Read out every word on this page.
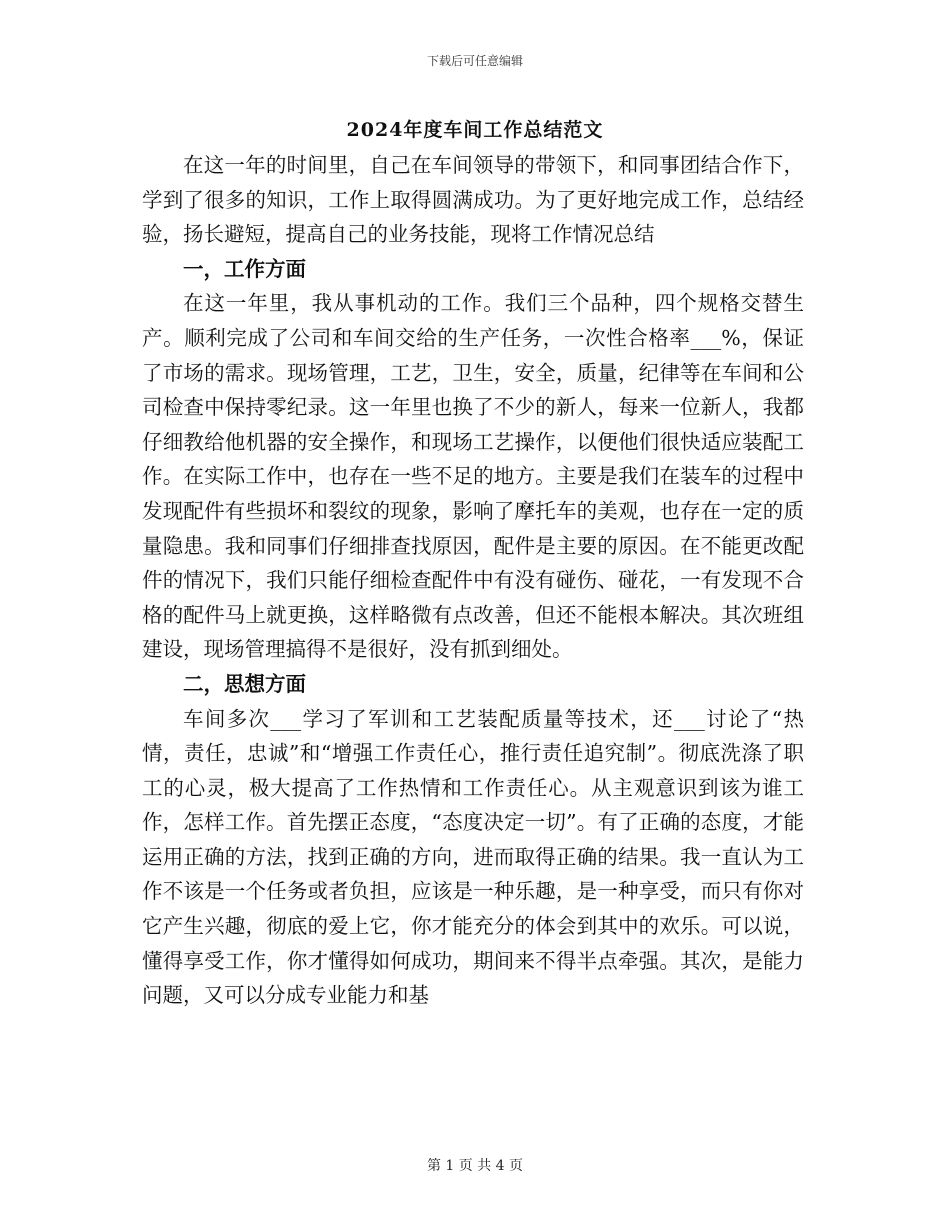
下载后可任意编辑
2024年度车间工作总结范文

在这一年的时间里，自己在车间领导的带领下，和同事团结合作下，学到了很多的知识，工作上取得圆满成功。为了更好地完成工作，总结经验，扬长避短，提高自己的业务技能，现将工作情况总结

一，工作方面

在这一年里，我从事机动的工作。我们三个品种，四个规格交替生产。顺利完成了公司和车间交给的生产任务，一次性合格率___%，保证了市场的需求。现场管理，工艺，卫生，安全，质量，纪律等在车间和公司检查中保持零纪录。这一年里也换了不少的新人，每来一位新人，我都仔细教给他机器的安全操作，和现场工艺操作，以便他们很快适应装配工作。在实际工作中，也存在一些不足的地方。主要是我们在装车的过程中发现配件有些损坏和裂纹的现象，影响了摩托车的美观，也存在一定的质量隐患。我和同事们仔细排查找原因，配件是主要的原因。在不能更改配件的情况下，我们只能仔细检查配件中有没有碰伤、碰花，一有发现不合格的配件马上就更换，这样略微有点改善，但还不能根本解决。其次班组建设，现场管理搞得不是很好，没有抓到细处。

二，思想方面

车间多次___学习了军训和工艺装配质量等技术，还___讨论了“热情，责任，忠诚”和“增强工作责任心，推行责任追究制”。彻底洗涤了职工的心灵，极大提高了工作热情和工作责任心。从主观意识到该为谁工作，怎样工作。首先摆正态度，“态度决定一切”。有了正确的态度，才能运用正确的方法，找到正确的方向，进而取得正确的结果。我一直认为工作不该是一个任务或者负担，应该是一种乐趣，是一种享受，而只有你对它产生兴趣，彻底的爱上它，你才能充分的体会到其中的欢乐。可以说，懂得享受工作，你才懂得如何成功，期间来不得半点牵强。其次，是能力问题，又可以分成专业能力和基

第 1 页 共 4 页
